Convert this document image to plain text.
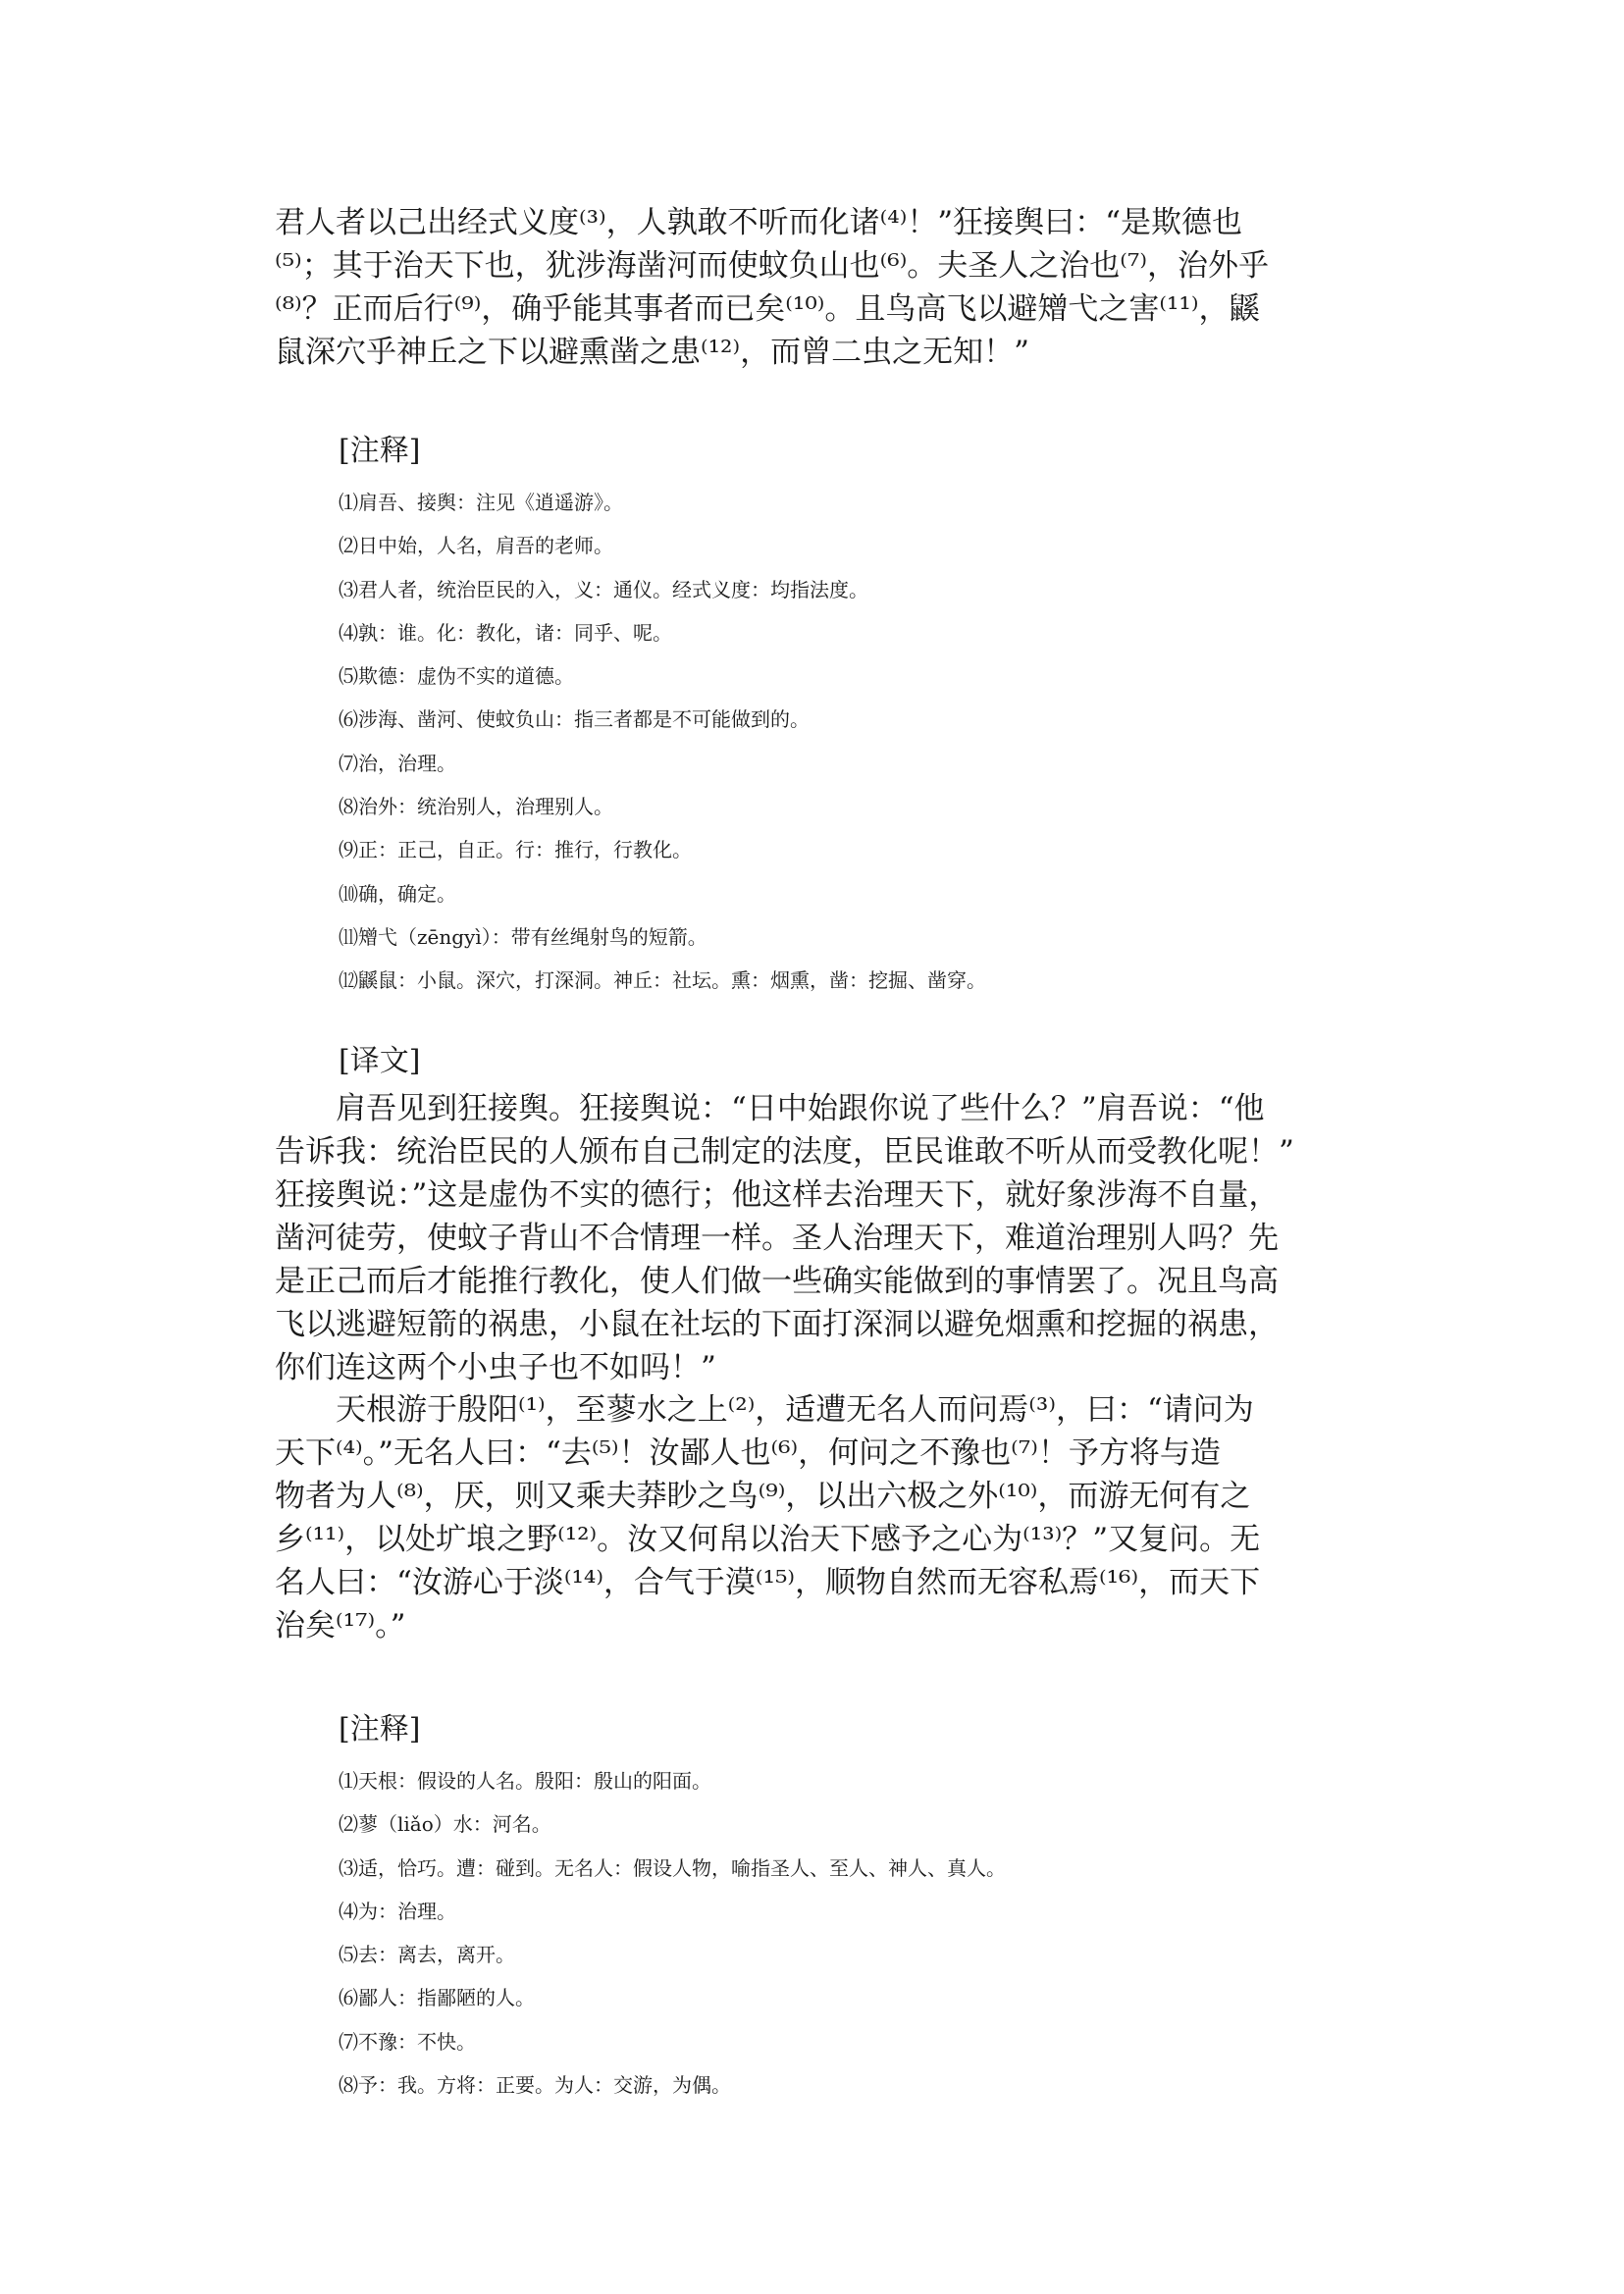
君人者以己出经式义度⁽³⁾，人孰敢不听而化诸⁽⁴⁾！”狂接舆曰：“是欺德也
⁽⁵⁾；其于治天下也，犹涉海凿河而使蚊负山也⁽⁶⁾。夫圣人之治也⁽⁷⁾，治外乎
⁽⁸⁾？正而后行⁽⁹⁾，确乎能其事者而已矣⁽¹⁰⁾。且鸟高飞以避矰弋之害⁽¹¹⁾，鼷
鼠深穴乎神丘之下以避熏凿之患⁽¹²⁾，而曾二虫之无知！”
[注释]
⑴肩吾、接舆：注见《逍遥游》。
⑵日中始，人名，肩吾的老师。
⑶君人者，统治臣民的入，义：通仪。经式义度：均指法度。
⑷孰：谁。化：教化，诸：同乎、呢。
⑸欺德：虚伪不实的道德。
⑹涉海、凿河、使蚊负山：指三者都是不可能做到的。
⑺治，治理。
⑻治外：统治别人，治理别人。
⑼正：正己，自正。行：推行，行教化。
⑽确，确定。
⑾矰弋（zēngyì）：带有丝绳射鸟的短箭。
⑿鼷鼠：小鼠。深穴，打深洞。神丘：社坛。熏：烟熏，凿：挖掘、凿穿。
[译文]
肩吾见到狂接舆。狂接舆说：“日中始跟你说了些什么？”肩吾说：“他
告诉我：统治臣民的人颁布自己制定的法度，臣民谁敢不听从而受教化呢！”
狂接舆说：”这是虚伪不实的德行；他这样去治理天下，就好象涉海不自量，
凿河徒劳，使蚊子背山不合情理一样。圣人治理天下，难道治理别人吗？先
是正己而后才能推行教化，使人们做一些确实能做到的事情罢了。况且鸟高
飞以逃避短箭的祸患，小鼠在社坛的下面打深洞以避免烟熏和挖掘的祸患，
你们连这两个小虫子也不如吗！”
天根游于殷阳⁽¹⁾，至蓼水之上⁽²⁾，适遭无名人而问焉⁽³⁾，曰：“请问为
天下⁽⁴⁾。”无名人曰：“去⁽⁵⁾！汝鄙人也⁽⁶⁾，何问之不豫也⁽⁷⁾！予方将与造
物者为人⁽⁸⁾，厌，则又乘夫莽眇之鸟⁽⁹⁾，以出六极之外⁽¹⁰⁾，而游无何有之
乡⁽¹¹⁾，以处圹埌之野⁽¹²⁾。汝又何帠以治天下感予之心为⁽¹³⁾？”又复问。无
名人曰：“汝游心于淡⁽¹⁴⁾，合气于漠⁽¹⁵⁾，顺物自然而无容私焉⁽¹⁶⁾，而天下
治矣⁽¹⁷⁾。”
[注释]
⑴天根：假设的人名。殷阳：殷山的阳面。
⑵蓼（liǎo）水：河名。
⑶适，恰巧。遭：碰到。无名人：假设人物，喻指圣人、至人、神人、真人。
⑷为：治理。
⑸去：离去，离开。
⑹鄙人：指鄙陋的人。
⑺不豫：不快。
⑻予：我。方将：正要。为人：交游，为偶。
